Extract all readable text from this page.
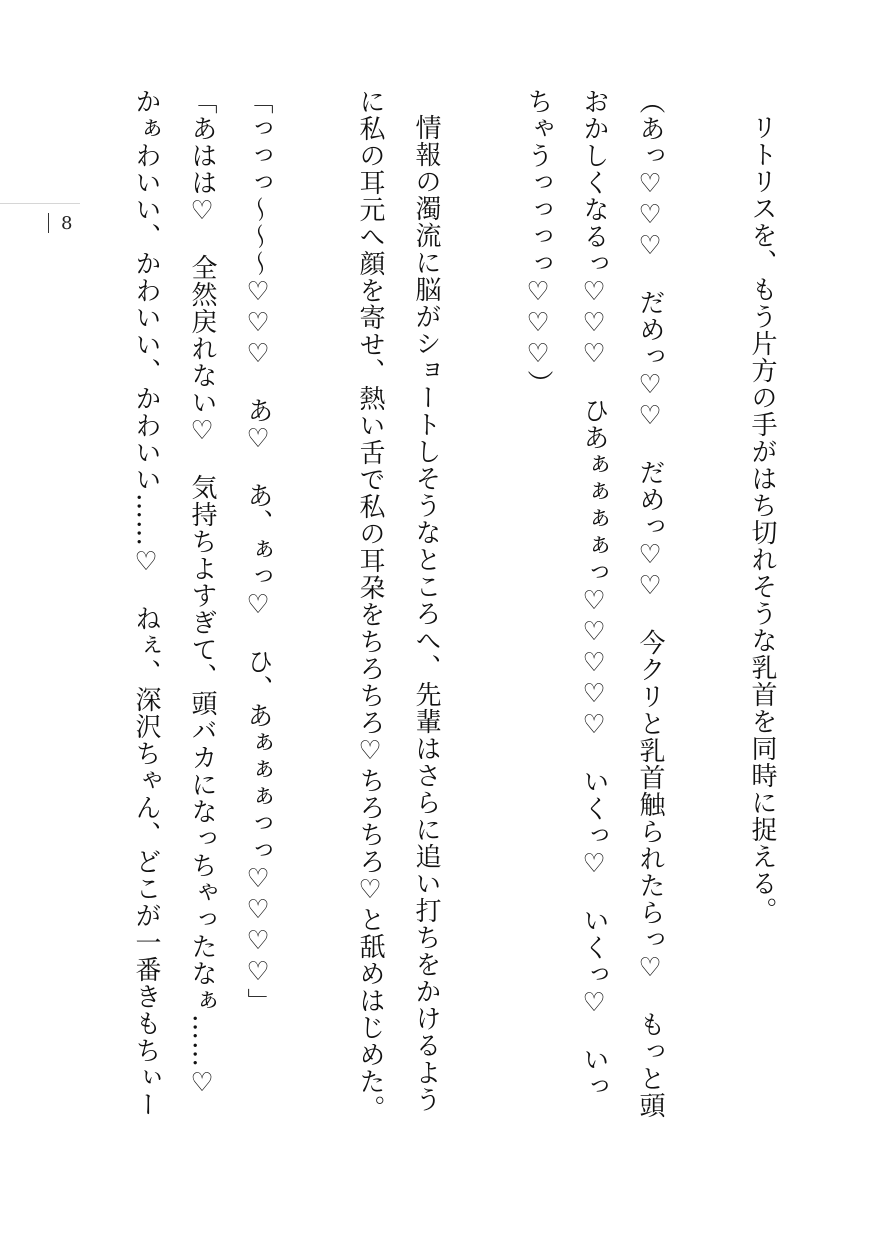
8	リトリスを、もう片方の手がはち切れそうな乳首を同時に捉える。

（あっ♡♡♡　だめっ♡♡　だめっ♡♡　今クリと乳首触られたらっ♡　もっと頭
おかしくなるっ♡♡♡　ひあぁぁぁぁっ♡♡♡♡♡　いくっ♡　いくっ♡　いっ
ちゃうっっっっ♡♡♡）

情報の濁流に脳がショートしそうなところへ、先輩はさらに追い打ちをかけるよう
に私の耳元へ顔を寄せ、熱い舌で私の耳朶をちろちろ♡ちろちろ♡と舐めはじめた。

「っっっ～～～♡♡♡　あ♡　あ、ぁっ♡　ひ、あぁぁぁっっ♡♡♡♡」
「あはは♡　全然戻れない♡　気持ちよすぎて、頭バカになっちゃったなぁ……♡
かぁわいい、かわいい、かわいい……♡　ねぇ、深沢ちゃん、どこが一番きもちぃー
